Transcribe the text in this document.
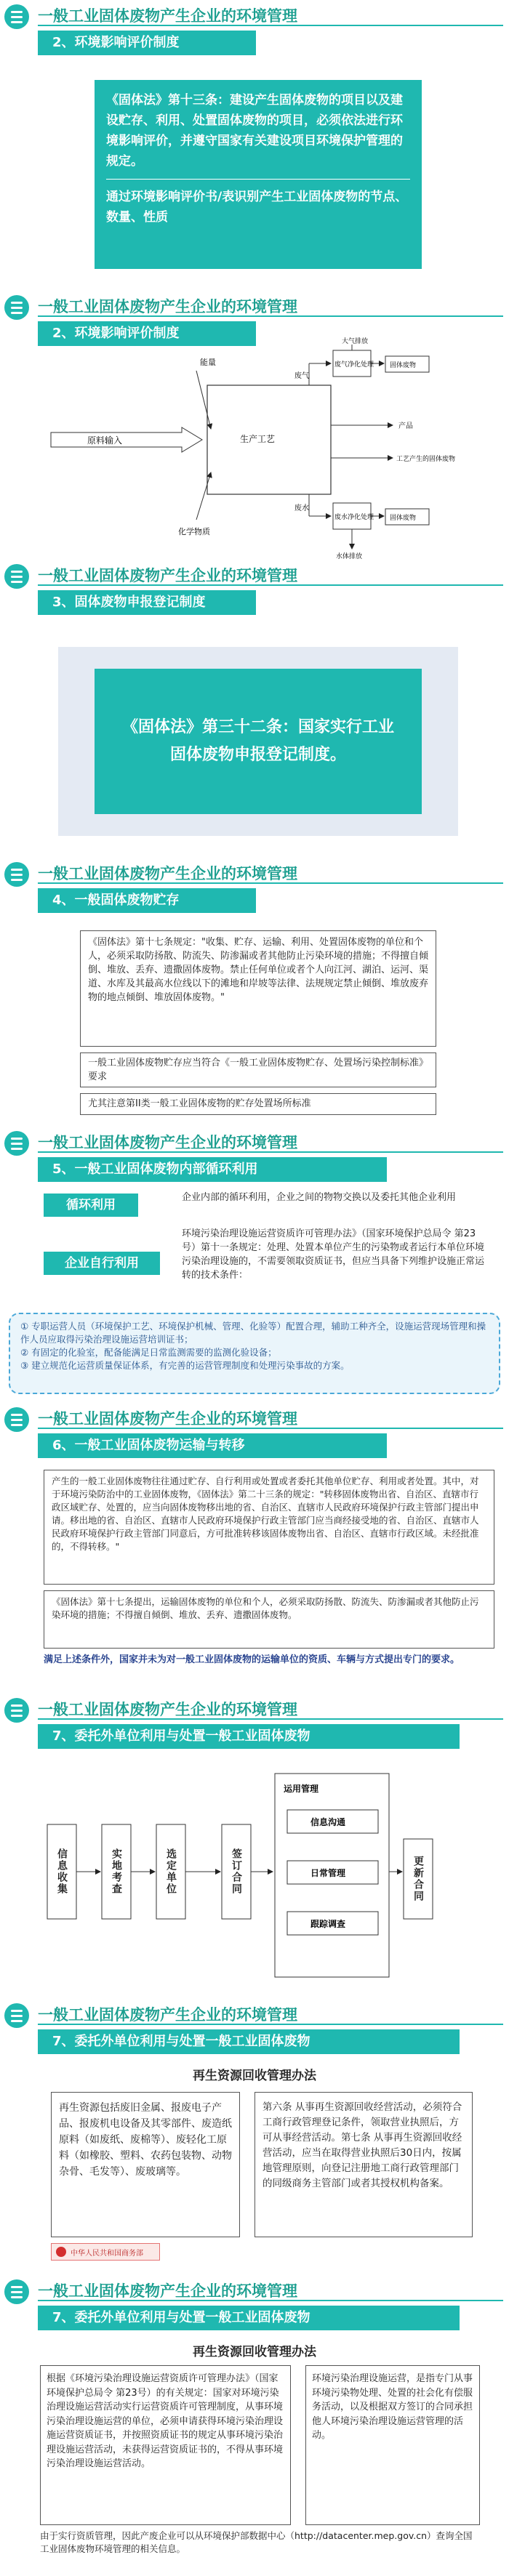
一般工业固体废物产生企业的环境管理
2、环境影响评价制度
《固体法》第十三条：建设产生固体废物的项目以及建设贮存、利用、处置固体废物的项目，必须依法进行环境影响评价，并遵守国家有关建设项目环境保护管理的规定。
通过环境影响评价书/表识别产生工业固体废物的节点、数量、性质
一般工业固体废物产生企业的环境管理
2、环境影响评价制度
能量
原料输入
化学物质
生产工艺
废气
废气净化处理
大气排放
固体废物
产品
工艺产生的固体废物
废水
废水净化处理 固体废物
水体排放
一般工业固体废物产生企业的环境管理
3、固体废物申报登记制度
《固体法》第三十二条：国家实行工业固体废物申报登记制度。
一般工业固体废物产生企业的环境管理
4、一般固体废物贮存
《固体法》第十七条规定："收集、贮存、运输、利用、处置固体废物的单位和个人，必须采取防扬散、防流失、防渗漏或者其他防止污染环境的措施；不得擅自倾倒、堆放、丢弃、遗撒固体废物。禁止任何单位或者个人向江河、湖泊、运河、渠道、水库及其最高水位线以下的滩地和岸坡等法律、法规规定禁止倾倒、堆放废弃物的地点倾倒、堆放固体废物。"
一般工业固体废物贮存应当符合《一般工业固体废物贮存、处置场污染控制标准》要求
尤其注意第II类一般工业固体废物的贮存处置场所标准
一般工业固体废物产生企业的环境管理
5、一般工业固体废物内部循环利用
循环利用
企业内部的循环利用，企业之间的物物交换以及委托其他企业利用
企业自行利用
环境污染治理设施运营资质许可管理办法》（国家环境保护总局令 第23号）第十一条规定：处理、处置本单位产生的污染物或者运行本单位环境污染治理设施的，不需要领取资质证书，但应当具备下列维护设施正常运转的技术条件：
① 专职运营人员（环境保护工艺、环境保护机械、管理、化验等）配置合理，辅助工种齐全，设施运营现场管理和操作人员应取得污染治理设施运营培训证书；
② 有固定的化验室，配备能满足日常监测需要的监测化验设备；
③ 建立规范化运营质量保证体系，有完善的运营管理制度和处理污染事故的方案。
一般工业固体废物产生企业的环境管理
6、一般工业固体废物运输与转移
产生的一般工业固体废物往往通过贮存、自行利用或处置或者委托其他单位贮存、利用或者处置。其中，对于环境污染防治中的工业固体废物，《固体法》第二十三条的规定："转移固体废物出省、自治区、直辖市行政区域贮存、处置的，应当向固体废物移出地的省、自治区、直辖市人民政府环境保护行政主管部门提出申请。移出地的省、自治区、直辖市人民政府环境保护行政主管部门应当商经接受地的省、自治区、直辖市人民政府环境保护行政主管部门同意后，方可批准转移该固体废物出省、自治区、直辖市行政区域。未经批准的，不得转移。"
《固体法》第十七条提出，运输固体废物的单位和个人，必须采取防扬散、防流失、防渗漏或者其他防止污染环境的措施；不得擅自倾倒、堆放、丢弃、遗撒固体废物。
满足上述条件外，国家并未为对一般工业固体废物的运输单位的资质、车辆与方式提出专门的要求。
一般工业固体废物产生企业的环境管理
7、委托外单位利用与处置一般工业固体废物
运用管理
信息沟通
日常管理
跟踪调查
信息收集	实地考查	选定单位	签订合同	更新合同
一般工业固体废物产生企业的环境管理
7、委托外单位利用与处置一般工业固体废物
再生资源回收管理办法
再生资源包括废旧金属、报废电子产品、报废机电设备及其零部件、废造纸原料（如废纸、废棉等）、废轻化工原料（如橡胶、塑料、农药包装物、动物杂骨、毛发等）、废玻璃等。
第六条 从事再生资源回收经营活动，必须符合工商行政管理登记条件，领取营业执照后，方可从事经营活动。第七条 从事再生资源回收经营活动，应当在取得营业执照后30日内，按属地管理原则，向登记注册地工商行政管理部门的同级商务主管部门或者其授权机构备案。
中华人民共和国商务部
一般工业固体废物产生企业的环境管理
7、委托外单位利用与处置一般工业固体废物
再生资源回收管理办法
根据《环境污染治理设施运营资质许可管理办法》（国家环境保护总局令 第23号）的有关规定：国家对环境污染治理设施运营活动实行运营资质许可管理制度，从事环境污染治理设施运营的单位，必须申请获得环境污染治理设施运营资质证书，并按照资质证书的规定从事环境污染治理设施运营活动，未获得运营资质证书的，不得从事环境污染治理设施运营活动。
环境污染治理设施运营，是指专门从事环境污染物处理、处置的社会化有偿服务活动，以及根据双方签订的合同承担他人环境污染治理设施运营管理的活动。
由于实行资质管理，因此产废企业可以从环境保护部数据中心（http://datacenter.mep.gov.cn）查询全国工业固体废物环境管理的相关信息。
